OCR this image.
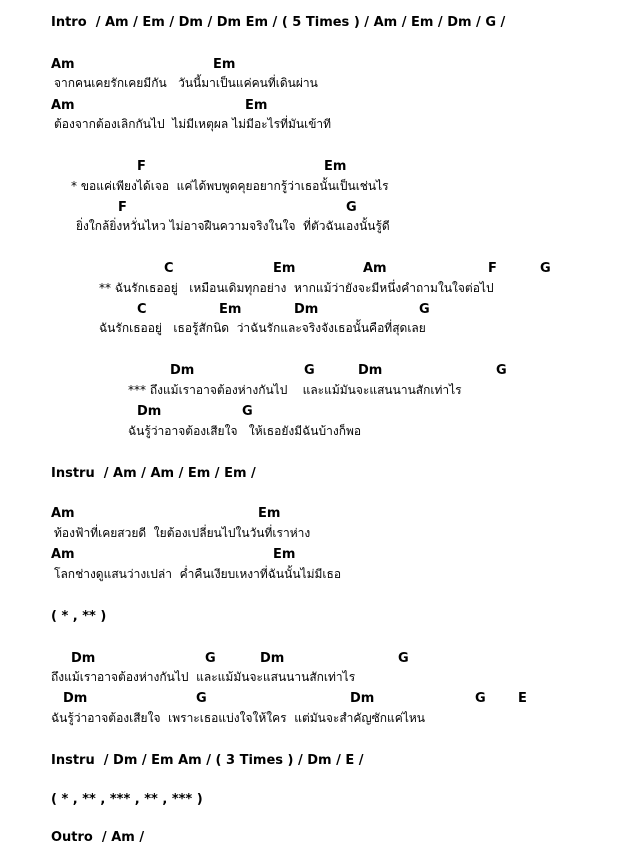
Intro  / Am / Em / Dm / Dm Em / ( 5 Times ) / Am / Em / Dm / G /
Am	Em
จากคนเคยรักเคยมีกัน   วันนี้มาเป็นแค่คนที่เดินผ่าน
Am	Em
ต้องจากต้องเลิกกันไป  ไม่มีเหตุผล ไม่มีอะไรที่มันเข้าที
F	Em
* ขอแค่เพียงได้เจอ  แค่ได้พบพูดคุยอยากรู้ว่าเธอนั้นเป็นเช่นไร
F	G
ยิ่งใกล้ยิ่งหวั่นไหว ไม่อาจฝืนความจริงในใจ  ที่ตัวฉันเองนั้นรู้ดี
C	Em	Am	F	G
** ฉันรักเธออยู่   เหมือนเดิมทุกอย่าง  หากแม้ว่ายังจะมีหนึ่งคำถามในใจต่อไป
C	Em	Dm	G
ฉันรักเธออยู่   เธอรู้สักนิด  ว่าฉันรักและจริงจังเธอนั้นคือที่สุดเลย
Dm	G	Dm	G
*** ถึงแม้เราอาจต้องห่างกันไป    และแม้มันจะแสนนานสักเท่าไร
Dm	G
ฉันรู้ว่าอาจต้องเสียใจ   ให้เธอยังมีฉันบ้างก็พอ
Instru  / Am / Am / Em / Em /
Am	Em
ท้องฟ้าที่เคยสวยดี  ใยต้องเปลี่ยนไปในวันที่เราห่าง
Am	Em
โลกช่างดูแสนว่างเปล่า  ค่ำคืนเงียบเหงาที่ฉันนั้นไม่มีเธอ
( * , ** )
Dm	G	Dm	G
ถึงแม้เราอาจต้องห่างกันไป  และแม้มันจะแสนนานสักเท่าไร
Dm	G	Dm	G E
ฉันรู้ว่าอาจต้องเสียใจ  เพราะเธอแบ่งใจให้ใคร  แต่มันจะสำคัญซักแค่ไหน
Instru  / Dm / Em Am / ( 3 Times ) / Dm / E /
( * , ** , *** , ** , *** )
Outro  / Am /
